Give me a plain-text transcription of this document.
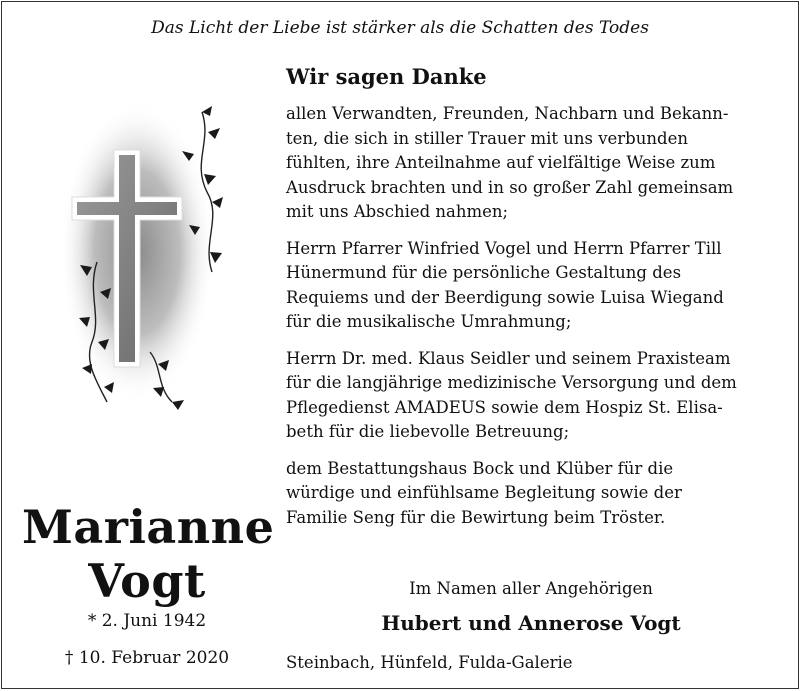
Das Licht der Liebe ist stärker als die Schatten des Todes
Marianne
Vogt
* 2. Juni 1942
† 10. Februar 2020
Wir sagen Danke

allen Verwandten, Freunden, Nachbarn und Bekann-
ten, die sich in stiller Trauer mit uns verbunden
fühlten, ihre Anteilnahme auf vielfältige Weise zum
Ausdruck brachten und in so großer Zahl gemeinsam
mit uns Abschied nahmen;

Herrn Pfarrer Winfried Vogel und Herrn Pfarrer Till
Hünermund für die persönliche Gestaltung des
Requiems und der Beerdigung sowie Luisa Wiegand
für die musikalische Umrahmung;

Herrn Dr. med. Klaus Seidler und seinem Praxisteam
für die langjährige medizinische Versorgung und dem
Pflegedienst AMADEUS sowie dem Hospiz St. Elisa-
beth für die liebevolle Betreuung;

dem Bestattungshaus Bock und Klüber für die
würdige und einfühlsame Begleitung sowie der
Familie Seng für die Bewirtung beim Tröster.

Im Namen aller Angehörigen
Hubert und Annerose Vogt
Steinbach, Hünfeld, Fulda-Galerie
